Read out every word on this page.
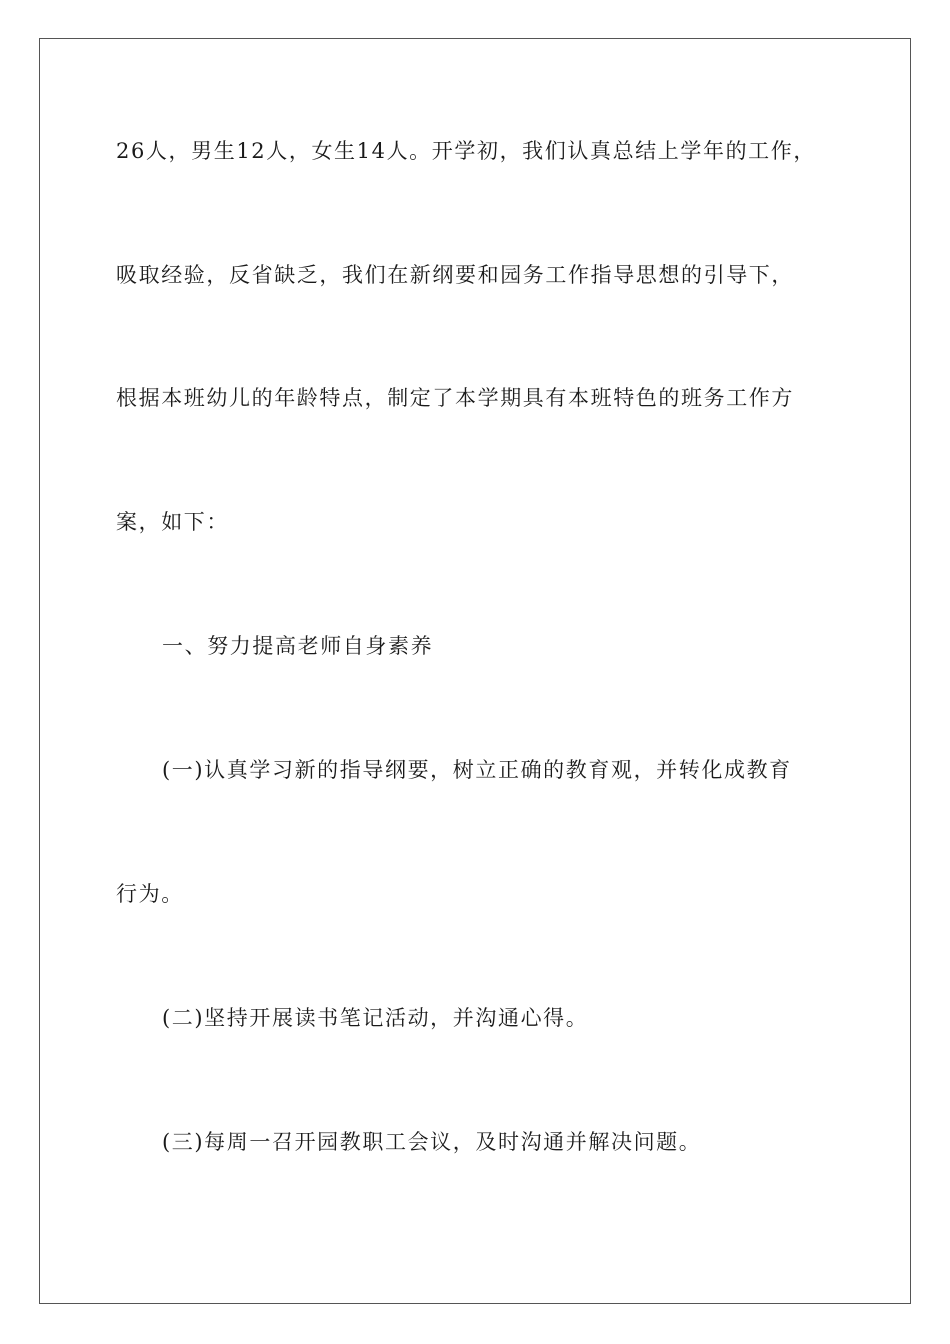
26人，男生12人，女生14人。开学初，我们认真总结上学年的工作，
吸取经验，反省缺乏，我们在新纲要和园务工作指导思想的引导下，
根据本班幼儿的年龄特点，制定了本学期具有本班特色的班务工作方
案，如下：
一、努力提高老师自身素养
(一)认真学习新的指导纲要，树立正确的教育观，并转化成教育
行为。
(二)坚持开展读书笔记活动，并沟通心得。
(三)每周一召开园教职工会议，及时沟通并解决问题。
